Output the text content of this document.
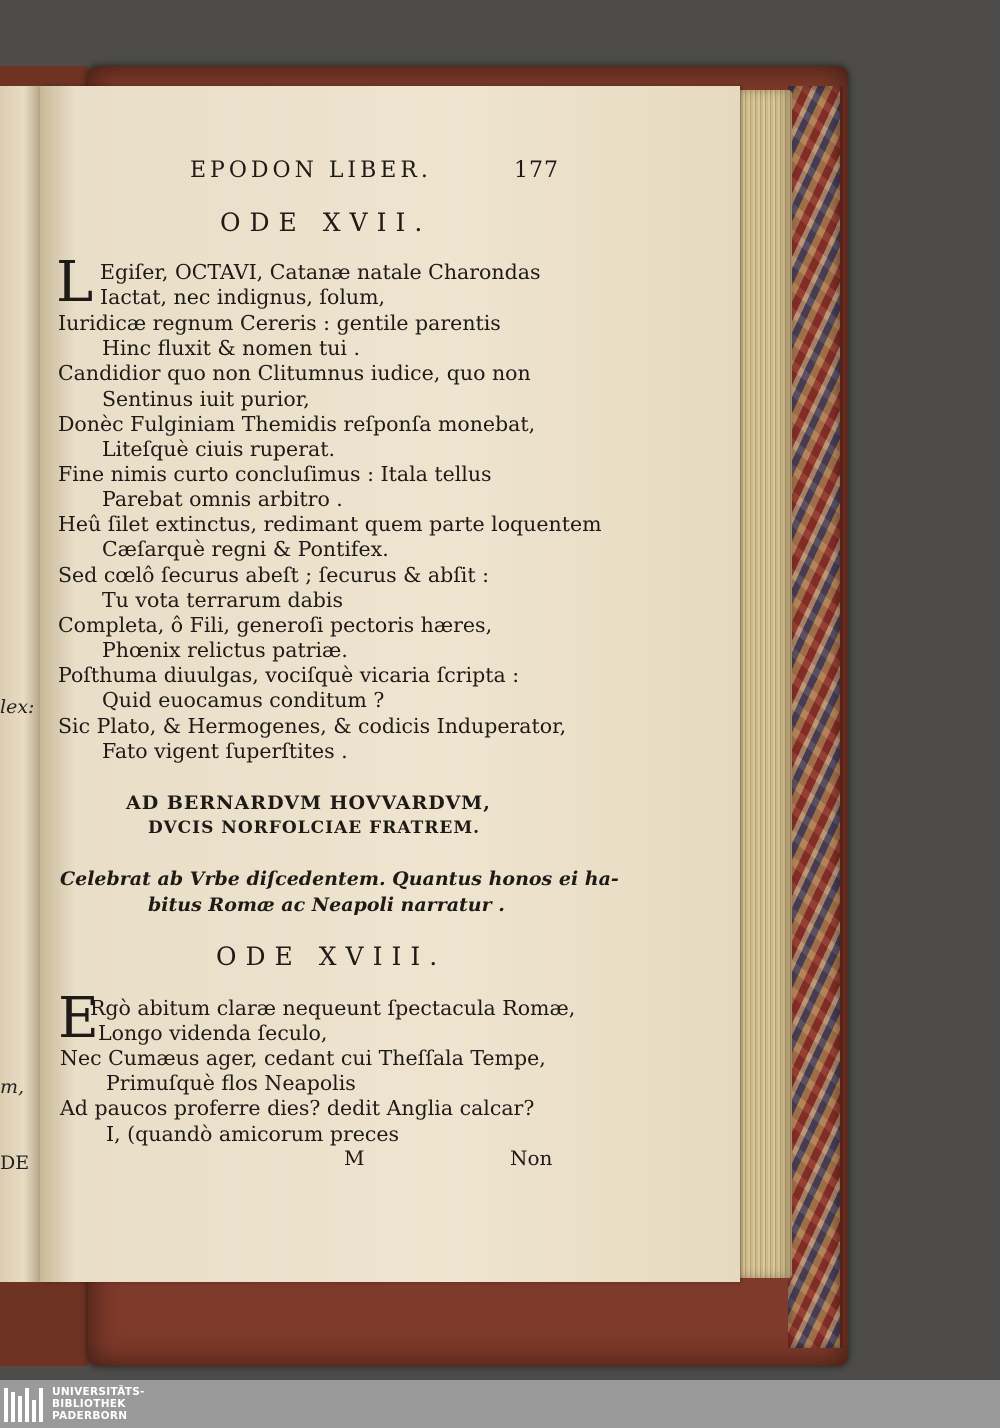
lex:
m,
DE
EPODON LIBER.	177
ODE XVII.
L Egiſer, OCTAVI, Catanæ natale Charondas
Iactat, nec indignus, ſolum,
Iuridicæ regnum Cereris : gentile parentis
Hinc fluxit & nomen tui .
Candidior quo non Clitumnus iudice, quo non
Sentinus iuit purior,
Donèc Fulginiam Themidis reſponſa monebat,
Liteſquè ciuis ruperat.
Fine nimis curto concluſimus : Itala tellus
Parebat omnis arbitro .
Heû ſilet extinctus, redimant quem parte loquentem
Cæſarquè regni & Pontifex.
Sed cœlô ſecurus abeſt ; ſecurus & abſit :
Tu vota terrarum dabis
Completa, ô Fili, generoſi pectoris hæres,
Phœnix relictus patriæ.
Poſthuma diuulgas, vociſquè vicaria ſcripta :
Quid euocamus conditum ?
Sic Plato, & Hermogenes, & codicis Induperator,
Fato vigent ſuperſtites .
AD BERNARDVM HOVVARDVM,
DVCIS NORFOLCIAE FRATREM.
Celebrat ab Vrbe diſcedentem. Quantus honos ei ha-
bitus Romæ ac Neapoli narratur .
ODE XVIII.
E
Rgò abitum claræ nequeunt ſpectacula Romæ,
Longo videnda ſeculo,
Nec Cumæus ager, cedant cui Theſſala Tempe,
Primuſquè flos Neapolis
Ad paucos proferre dies? dedit Anglia calcar?
I, (quandò amicorum preces
M	Non
UNIVERSITÄTS-
BIBLIOTHEK
PADERBORN
